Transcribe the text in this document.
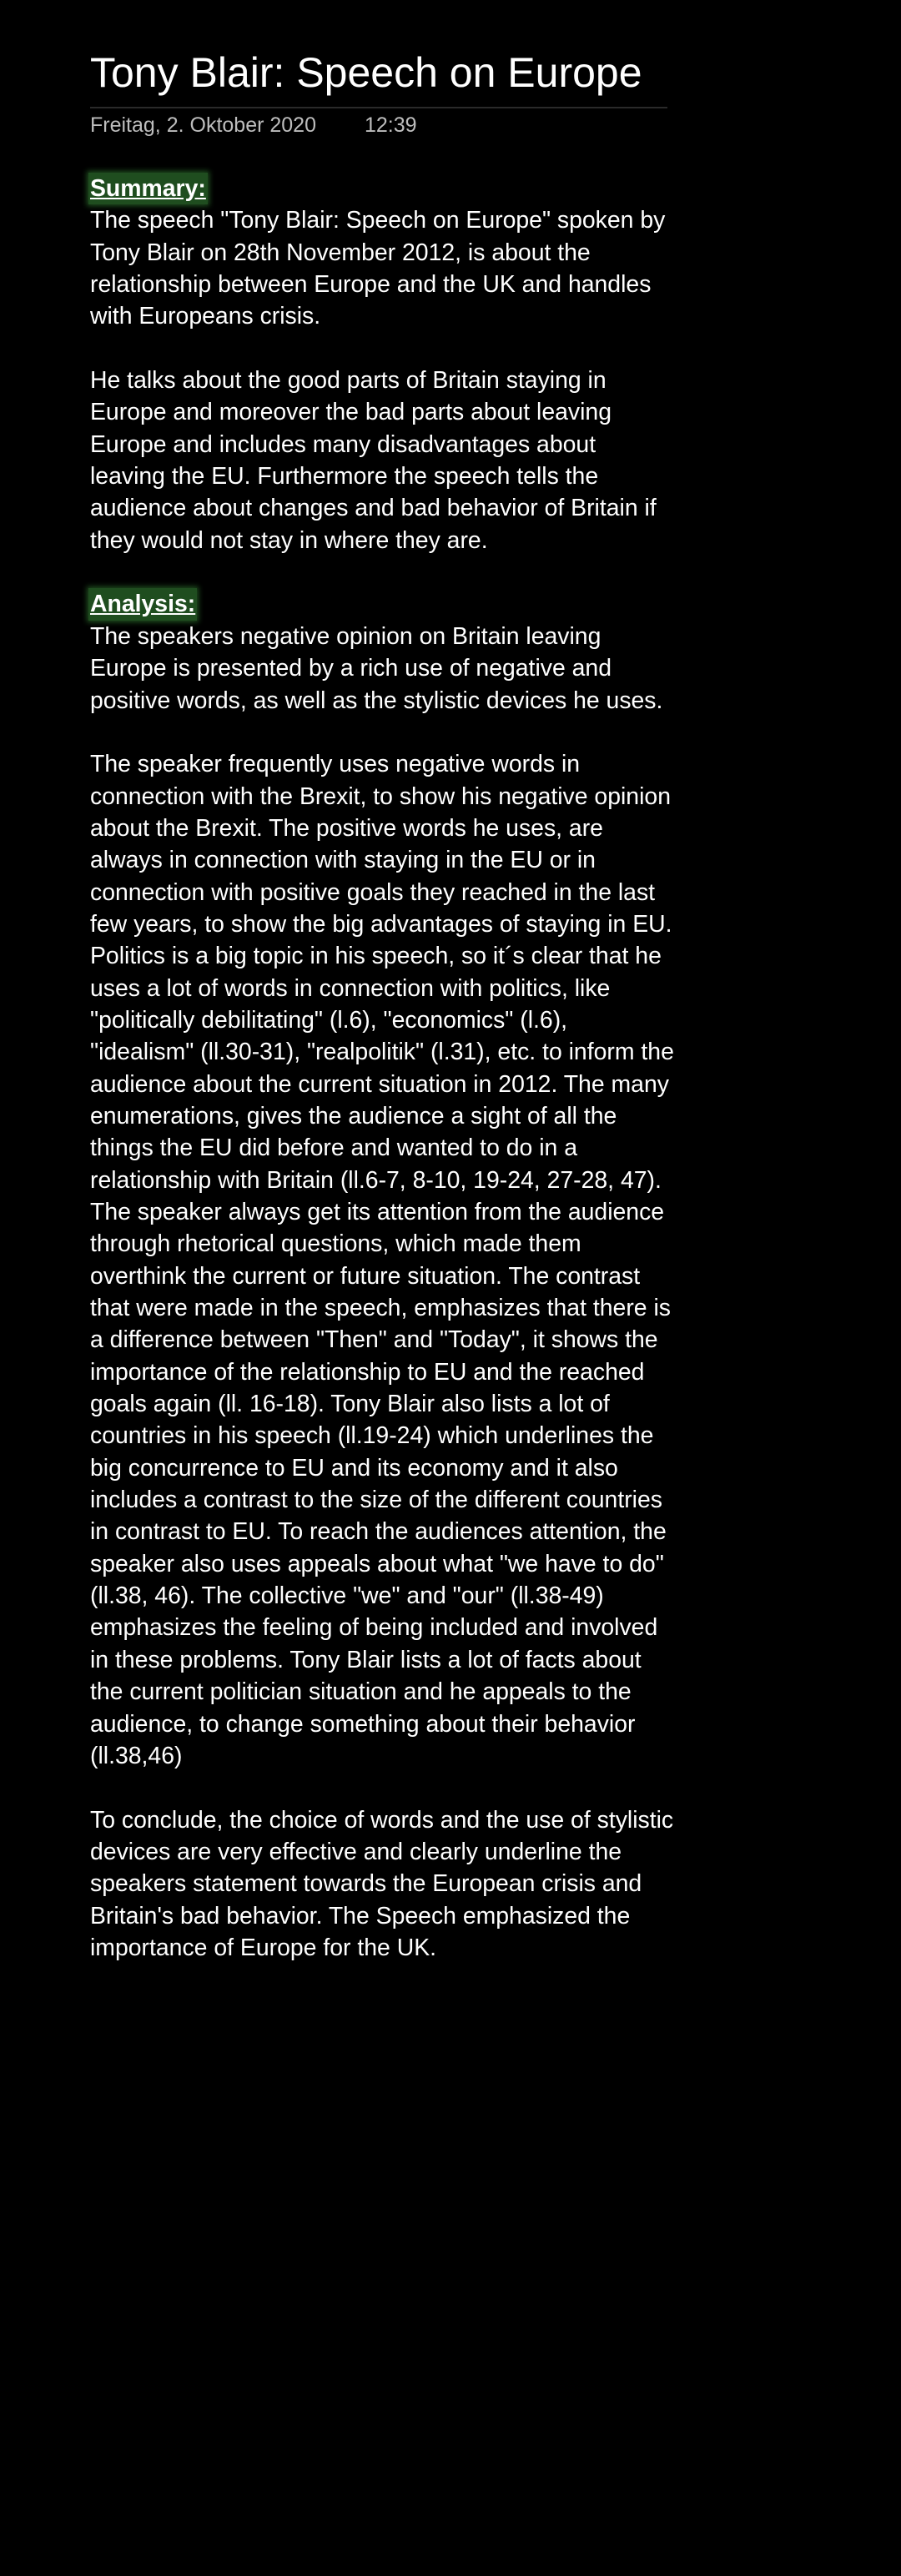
Tony Blair: Speech on Europe
Freitag, 2. Oktober 2020 12:39

Summary:

The speech "Tony Blair: Speech on Europe" spoken by Tony Blair on 28th November 2012, is about the relationship between Europe and the UK and handles with Europeans crisis.

He talks about the good parts of Britain staying in Europe and moreover the bad parts about leaving Europe and includes many disadvantages about leaving the EU. Furthermore the speech tells the audience about changes and bad behavior of Britain if they would not stay in where they are.

Analysis:

The speakers negative opinion on Britain leaving Europe is presented by a rich use of negative and positive words, as well as the stylistic devices he uses.

The speaker frequently uses negative words in connection with the Brexit, to show his negative opinion about the Brexit. The positive words he uses, are always in connection with staying in the EU or in connection with positive goals they reached in the last few years, to show the big advantages of staying in EU.

Politics is a big topic in his speech, so it´s clear that he uses a lot of words in connection with politics, like "politically debilitating" (l.6), "economics" (l.6), "idealism" (ll.30-31), "realpolitik" (l.31), etc. to inform the audience about the current situation in 2012. The many enumerations, gives the audience a sight of all the things the EU did before and wanted to do in a relationship with Britain (ll.6-7, 8-10, 19-24, 27-28, 47). The speaker always get its attention from the audience through rhetorical questions, which made them overthink the current or future situation. The contrast that were made in the speech, emphasizes that there is a difference between "Then" and "Today", it shows the importance of the relationship to EU and the reached goals again (ll. 16-18). Tony Blair also lists a lot of countries in his speech (ll.19-24) which underlines the big concurrence to EU and its economy and it also includes a contrast to the size of the different countries in contrast to EU. To reach the audiences attention, the speaker also uses appeals about what "we have to do" (ll.38, 46). The collective "we" and "our" (ll.38-49) emphasizes the feeling of being included and involved in these problems. Tony Blair lists a lot of facts about the current politician situation and he appeals to the audience, to change something about their behavior (ll.38,46)

To conclude, the choice of words and the use of stylistic devices are very effective and clearly underline the speakers statement towards the European crisis and Britain's bad behavior. The Speech emphasized the importance of Europe for the UK.
